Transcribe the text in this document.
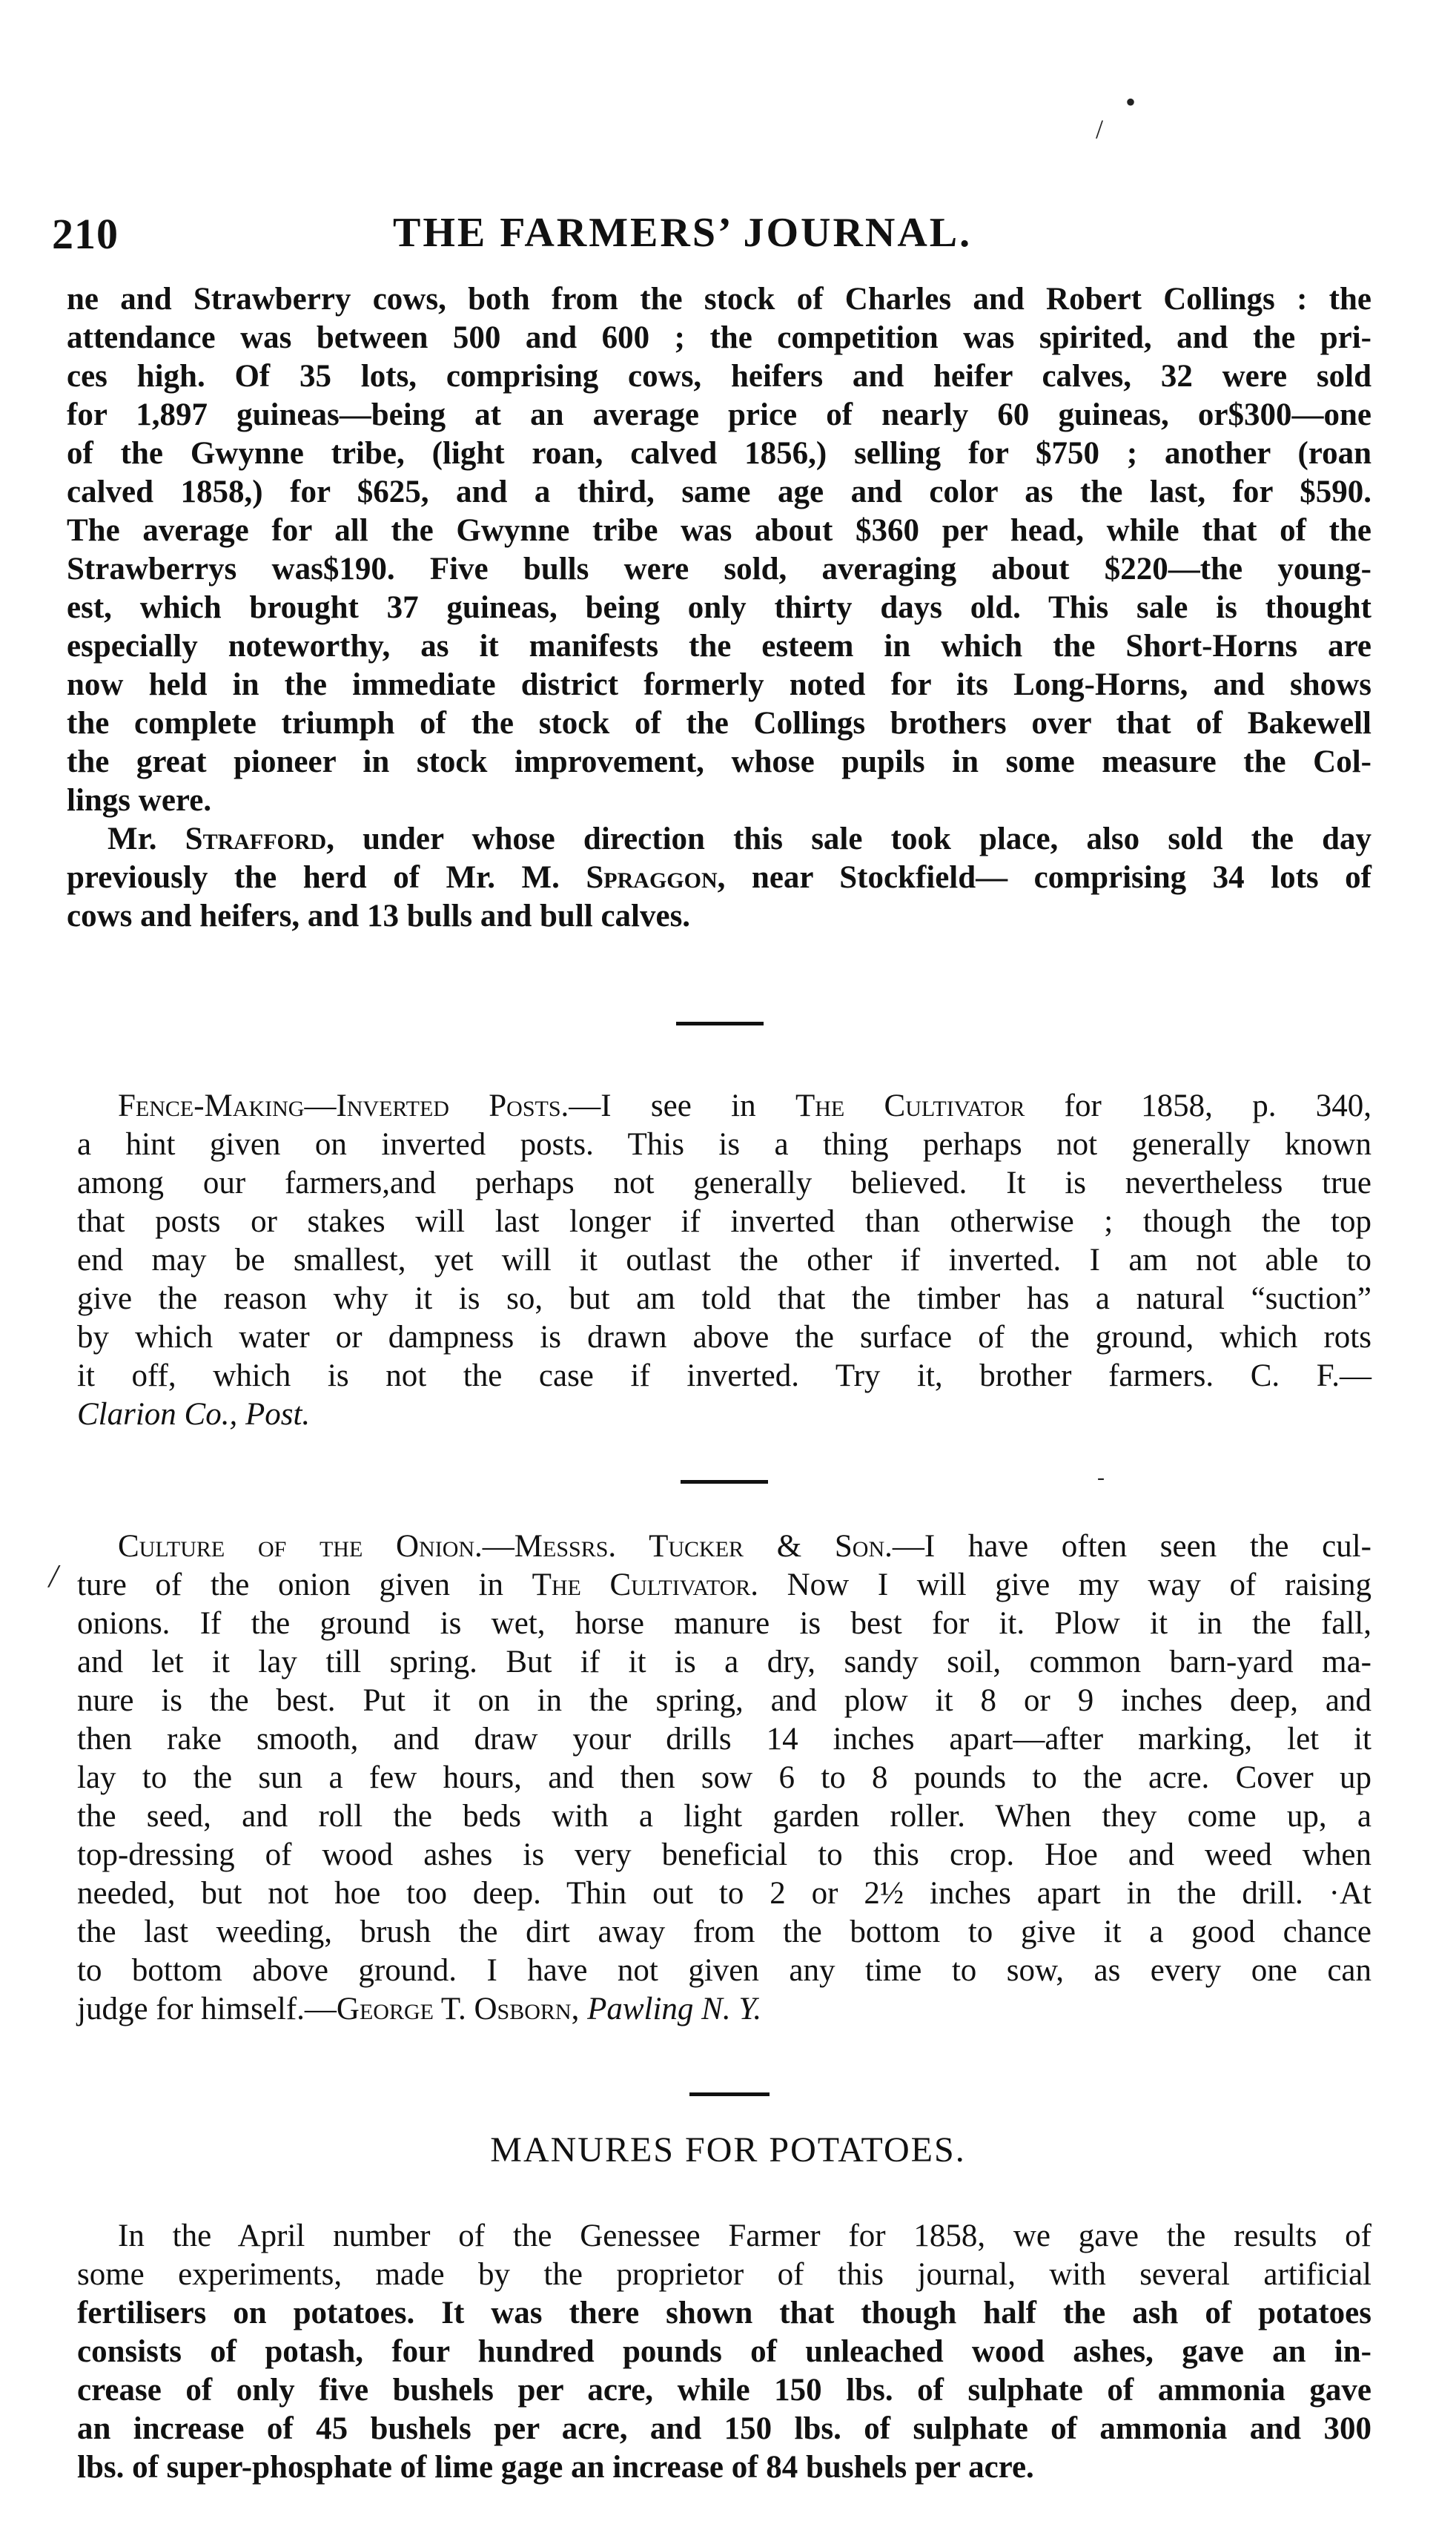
•
/
210	THE FARMERS’ JOURNAL.
ne and Strawberry cows, both from the stock of Charles and Robert Collings : the
attendance was between 500 and 600 ; the competition was spirited, and the pri-
ces high. Of 35 lots, comprising cows, heifers and heifer calves, 32 were sold
for 1,897 guineas—being at an average price of nearly 60 guineas, or$300—one
of the Gwynne tribe, (light roan, calved 1856,) selling for $750 ; another (roan
calved 1858,) for $625, and a third, same age and color as the last, for $590.
The average for all the Gwynne tribe was about $360 per head, while that of the
Strawberrys was$190. Five bulls were sold, averaging about $220—the young-
est, which brought 37 guineas, being only thirty days old. This sale is thought
especially noteworthy, as it manifests the esteem in which the Short-Horns are
now held in the immediate district formerly noted for its Long-Horns, and shows
the complete triumph of the stock of the Collings brothers over that of Bakewell
the great pioneer in stock improvement, whose pupils in some measure the Col-
lings were.
Mr. Strafford, under whose direction this sale took place, also sold the day
previously the herd of Mr. M. Spraggon, near Stockfield— comprising 34 lots of
cows and heifers, and 13 bulls and bull calves.
Fence-Making—Inverted Posts.—I see in The Cultivator for 1858, p. 340,
a hint given on inverted posts. This is a thing perhaps not generally known
among our farmers,and perhaps not generally believed. It is nevertheless true
that posts or stakes will last longer if inverted than otherwise ; though the top
end may be smallest, yet will it outlast the other if inverted. I am not able to
give the reason why it is so, but am told that the timber has a natural “suction”
by which water or dampness is drawn above the surface of the ground, which rots
it off, which is not the case if inverted. Try it, brother farmers. C. F.—
Clarion Co., Post.
-
/
Culture of the Onion.—Messrs. Tucker & Son.—I have often seen the cul-
ture of the onion given in The Cultivator. Now I will give my way of raising
onions. If the ground is wet, horse manure is best for it. Plow it in the fall,
and let it lay till spring. But if it is a dry, sandy soil, common barn-yard ma-
nure is the best. Put it on in the spring, and plow it 8 or 9 inches deep, and
then rake smooth, and draw your drills 14 inches apart—after marking, let it
lay to the sun a few hours, and then sow 6 to 8 pounds to the acre. Cover up
the seed, and roll the beds with a light garden roller. When they come up, a
top-dressing of wood ashes is very beneficial to this crop. Hoe and weed when
needed, but not hoe too deep. Thin out to 2 or 2½ inches apart in the drill. ·At
the last weeding, brush the dirt away from the bottom to give it a good chance
to bottom above ground. I have not given any time to sow, as every one can
judge for himself.—George T. Osborn, Pawling N. Y.
MANURES FOR POTATOES.
In the April number of the Genessee Farmer for 1858, we gave the results of
some experiments, made by the proprietor of this journal, with several artificial
fertilisers on potatoes. It was there shown that though half the ash of potatoes
consists of potash, four hundred pounds of unleached wood ashes, gave an in-
crease of only five bushels per acre, while 150 lbs. of sulphate of ammonia gave
an increase of 45 bushels per acre, and 150 lbs. of sulphate of ammonia and 300
lbs. of super-phosphate of lime gage an increase of 84 bushels per acre.
